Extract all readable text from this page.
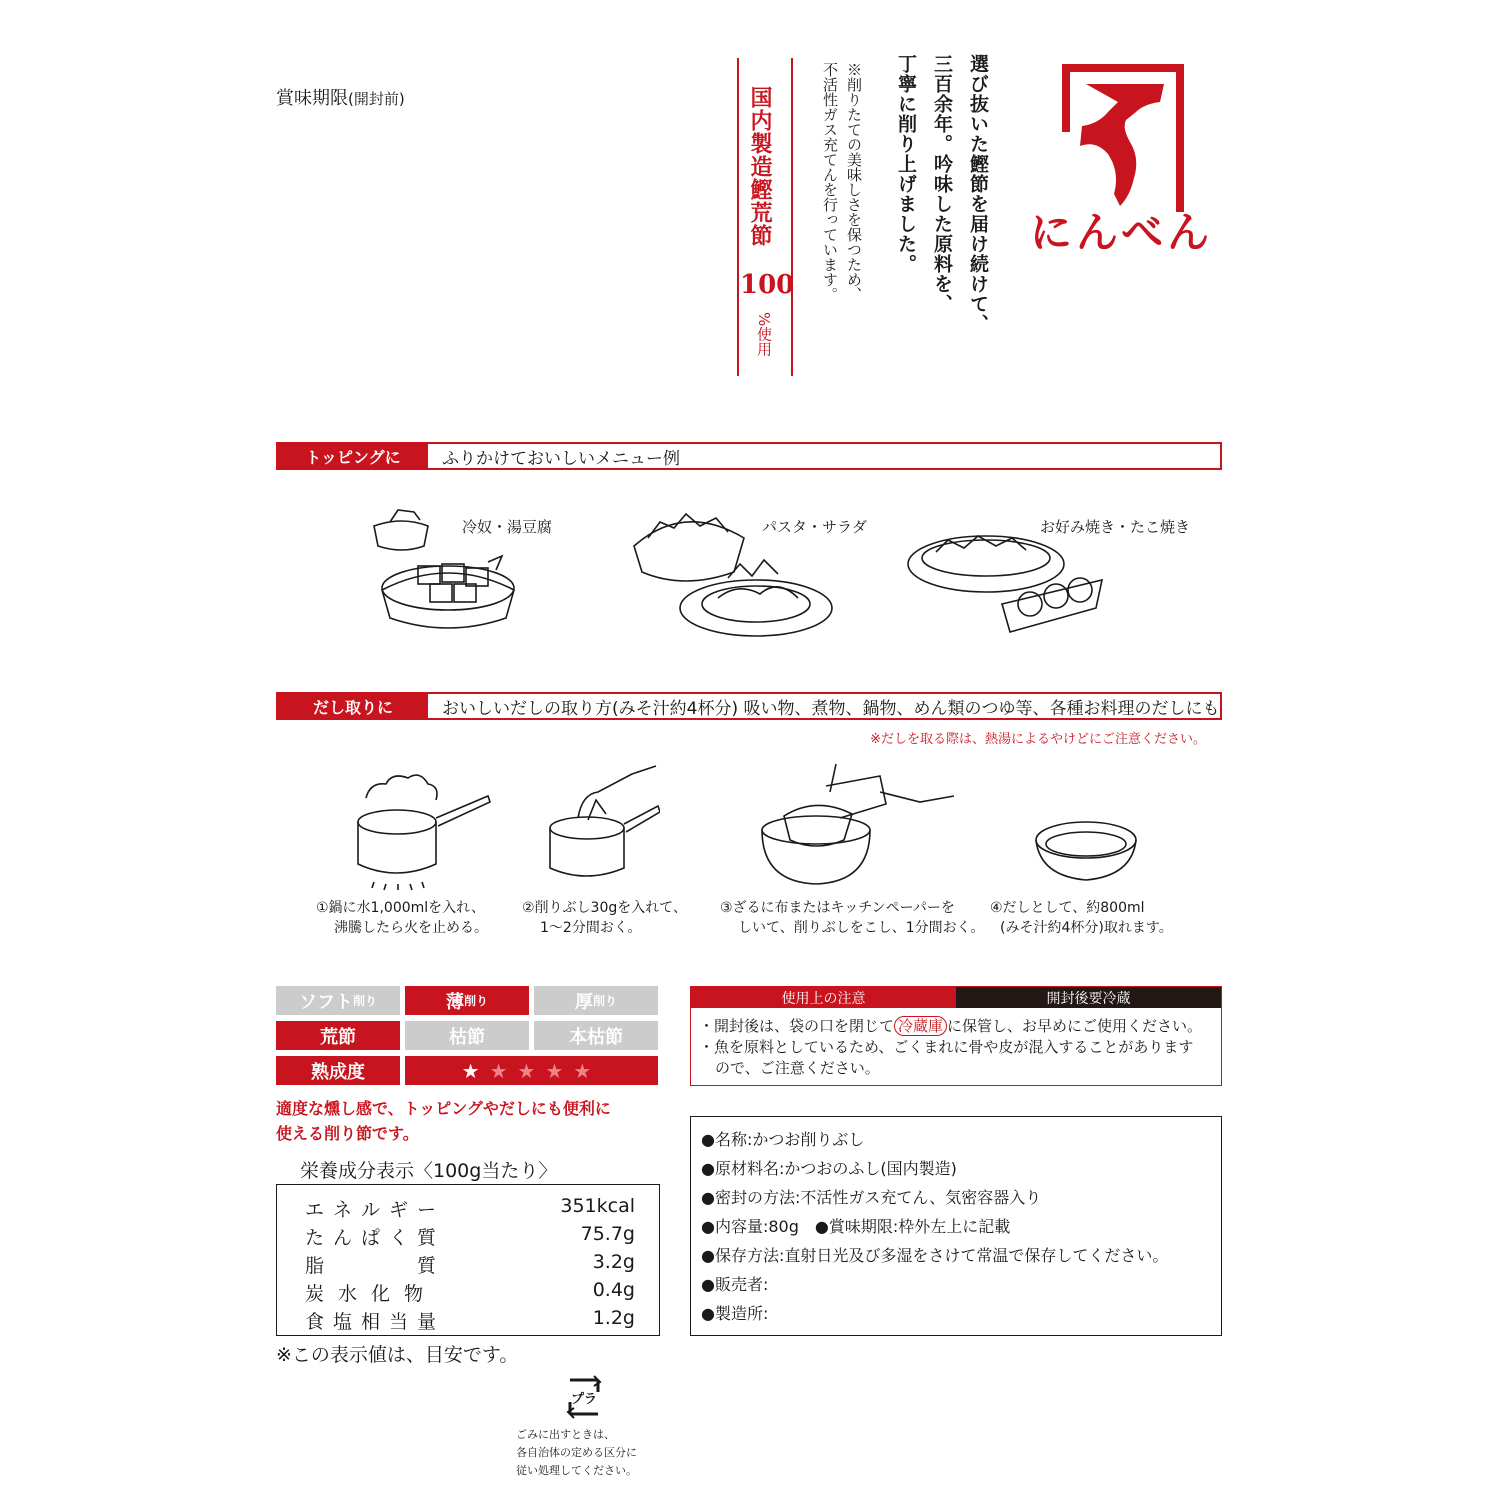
賞味期限(開封前)	選び抜いた鰹節を届け続けて、
三百余年。吟味した原料を、
丁寧に削り上げました。
※削りたての美味しさを保つため、
不活性ガス充てんを行っています。
国内製造鰹荒節
100
%使用
にんべん
トッピングに	ふりかけておいしいメニュー例
冷奴・湯豆腐	パスタ・サラダ	お好み焼き・たこ焼き
だし取りに	おいしいだしの取り方(みそ汁約4杯分) 吸い物、煮物、鍋物、めん類のつゆ等、各種お料理のだしにも
※だしを取る際は、熱湯によるやけどにご注意ください。
①鍋に水1,000mlを入れ、
沸騰したら火を止める。
②削りぶし30gを入れて、
1〜2分間おく。
③ざるに布またはキッチンペーパーを
しいて、削りぶしをこし、1分間おく。
④だしとして、約800ml
(みそ汁約4杯分)取れます。
ソフト 削り	薄 削り	厚 削り
荒節	枯節	本枯節
熟成度	★ ★ ★ ★ ★
適度な燻し感で、トッピングやだしにも便利に
使える削り節です。
栄養成分表示〈100g当たり〉
エネルギー	351kcal
たんぱく質	75.7g
脂　　　質	3.2g
炭水化物	0.4g
食塩相当量	1.2g
※この表示値は、目安です。
プラ
ごみに出すときは、
各自治体の定める区分に
従い処理してください。
使用上の注意	開封後要冷蔵
・開封後は、袋の口を閉じて 冷蔵庫 に保管し、お早めにご使用ください。
・魚を原料としているため、ごくまれに骨や皮が混入することがあります
ので、ご注意ください。
●名称:かつお削りぶし
●原材料名:かつおのふし(国内製造)
●密封の方法:不活性ガス充てん、気密容器入り
●内容量:80g　 ●賞味期限:枠外左上に記載
●保存方法:直射日光及び多湿をさけて常温で保存してください。
●販売者:
●製造所:
